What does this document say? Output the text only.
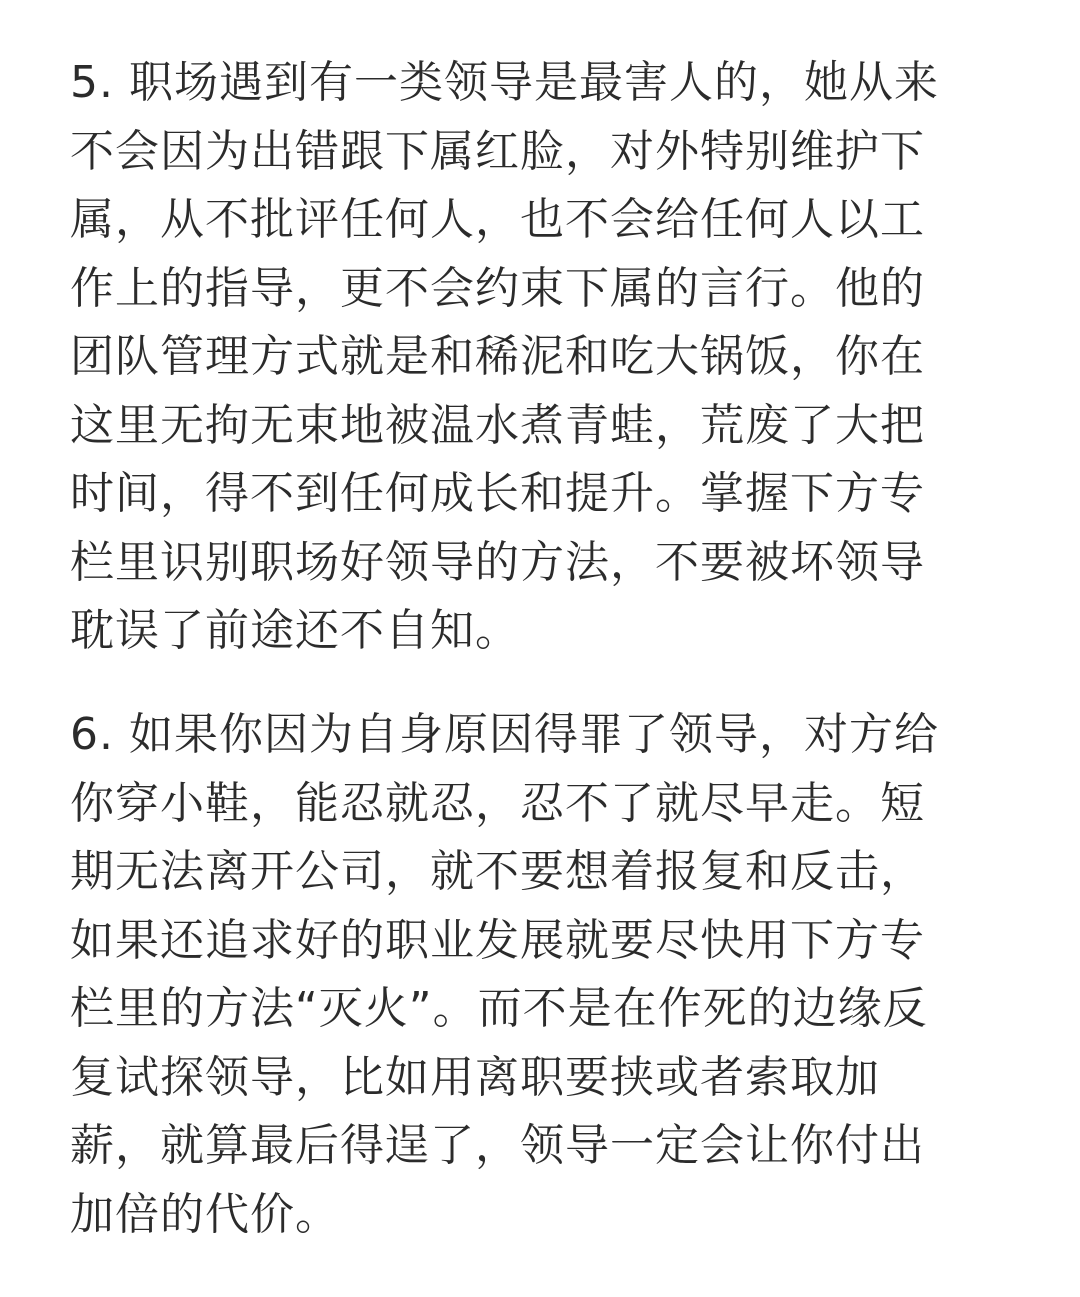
5. 职场遇到有一类领导是最害人的，她从来
不会因为出错跟下属红脸，对外特别维护下
属，从不批评任何人，也不会给任何人以工
作上的指导，更不会约束下属的言行。他的
团队管理方式就是和稀泥和吃大锅饭，你在
这里无拘无束地被温水煮青蛙，荒废了大把
时间，得不到任何成长和提升。掌握下方专
栏里识别职场好领导的方法，不要被坏领导
耽误了前途还不自知。
6. 如果你因为自身原因得罪了领导，对方给
你穿小鞋，能忍就忍，忍不了就尽早走。短
期无法离开公司，就不要想着报复和反击，
如果还追求好的职业发展就要尽快用下方专
栏里的方法“灭火”。而不是在作死的边缘反
复试探领导，比如用离职要挟或者索取加
薪，就算最后得逞了，领导一定会让你付出
加倍的代价。
